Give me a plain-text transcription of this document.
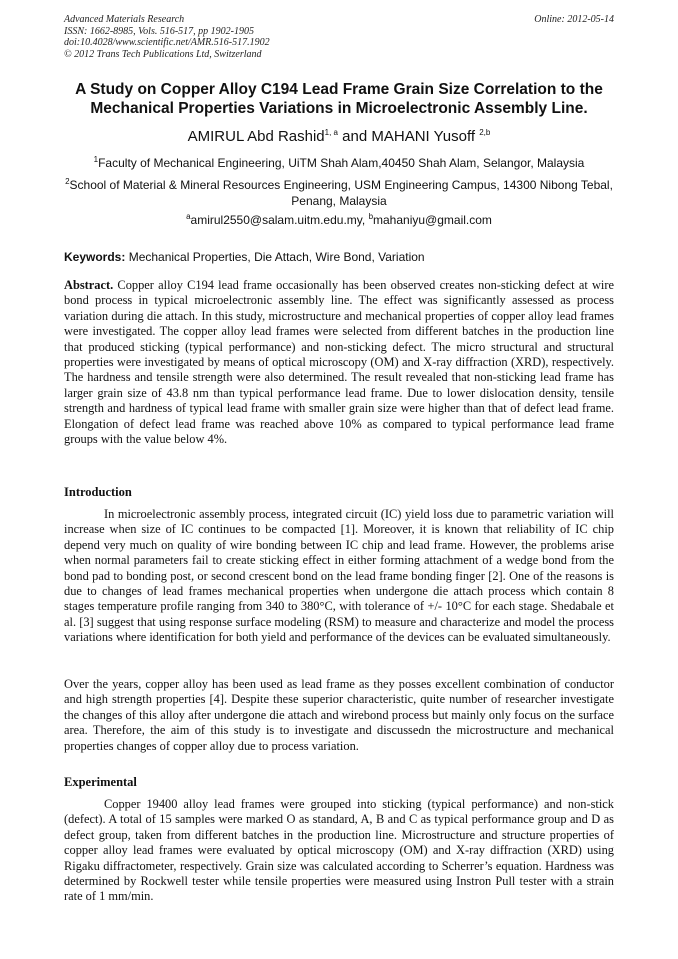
Advanced Materials Research
ISSN: 1662-8985, Vols. 516-517, pp 1902-1905
doi:10.4028/www.scientific.net/AMR.516-517.1902
© 2012 Trans Tech Publications Ltd, Switzerland
Online: 2012-05-14
A Study on Copper Alloy C194 Lead Frame Grain Size Correlation to the
Mechanical Properties Variations in Microelectronic Assembly Line.
AMIRUL Abd Rashid$^{1, a}$ and MAHANI Yusoff $^{2,b}$
$^1$Faculty of Mechanical Engineering, UiTM Shah Alam,40450 Shah Alam, Selangor, Malaysia
$^2$School of Material & Mineral Resources Engineering, USM Engineering Campus, 14300 Nibong Tebal, Penang, Malaysia
$^a$amirul2550@salam.uitm.edu.my, $^b$mahaniyu@gmail.com
Keywords: Mechanical Properties, Die Attach, Wire Bond, Variation

Abstract. Copper alloy C194 lead frame occasionally has been observed creates non-sticking defect at wire bond process in typical microelectronic assembly line. The effect was significantly assessed as process variation during die attach. In this study, microstructure and mechanical properties of copper alloy lead frames were investigated. The copper alloy lead frames were selected from different batches in the production line that produced sticking (typical performance) and non-sticking defect. The micro structural and structural properties were investigated by means of optical microscopy (OM) and X-ray diffraction (XRD), respectively. The hardness and tensile strength were also determined. The result revealed that non-sticking lead frame has larger grain size of 43.8 nm than typical performance lead frame. Due to lower dislocation density, tensile strength and hardness of typical lead frame with smaller grain size were higher than that of defect lead frame. Elongation of defect lead frame was reached above 10% as compared to typical performance lead frame groups with the value below 4%.

Introduction

In microelectronic assembly process, integrated circuit (IC) yield loss due to parametric variation will increase when size of IC continues to be compacted [1]. Moreover, it is known that reliability of IC chip depend very much on quality of wire bonding between IC chip and lead frame. However, the problems arise when normal parameters fail to create sticking effect in either forming attachment of a wedge bond from the bond pad to bonding post, or second crescent bond on the lead frame bonding finger [2]. One of the reasons is due to changes of lead frames mechanical properties when undergone die attach process which contain 8 stages temperature profile ranging from 340 to 380°C, with tolerance of +/- 10°C for each stage. Shedabale et al. [3] suggest that using response surface modeling (RSM) to measure and characterize and model the process variations where identification for both yield and performance of the devices can be evaluated simultaneously.

Over the years, copper alloy has been used as lead frame as they posses excellent combination of conductor and high strength properties [4]. Despite these superior characteristic, quite number of researcher investigate the changes of this alloy after undergone die attach and wirebond process but mainly only focus on the surface area. Therefore, the aim of this study is to investigate and discussedn the microstructure and mechanical properties changes of copper alloy due to process variation.

Experimental

Copper 19400 alloy lead frames were grouped into sticking (typical performance) and non-stick (defect). A total of 15 samples were marked O as standard, A, B and C as typical performance group and D as defect group, taken from different batches in the production line. Microstructure and structure properties of copper alloy lead frames were evaluated by optical microscopy (OM) and X-ray diffraction (XRD) using Rigaku diffractometer, respectively. Grain size was calculated according to Scherrer’s equation. Hardness was determined by Rockwell tester while tensile properties were measured using Instron Pull tester with a strain rate of 1 mm/min.
